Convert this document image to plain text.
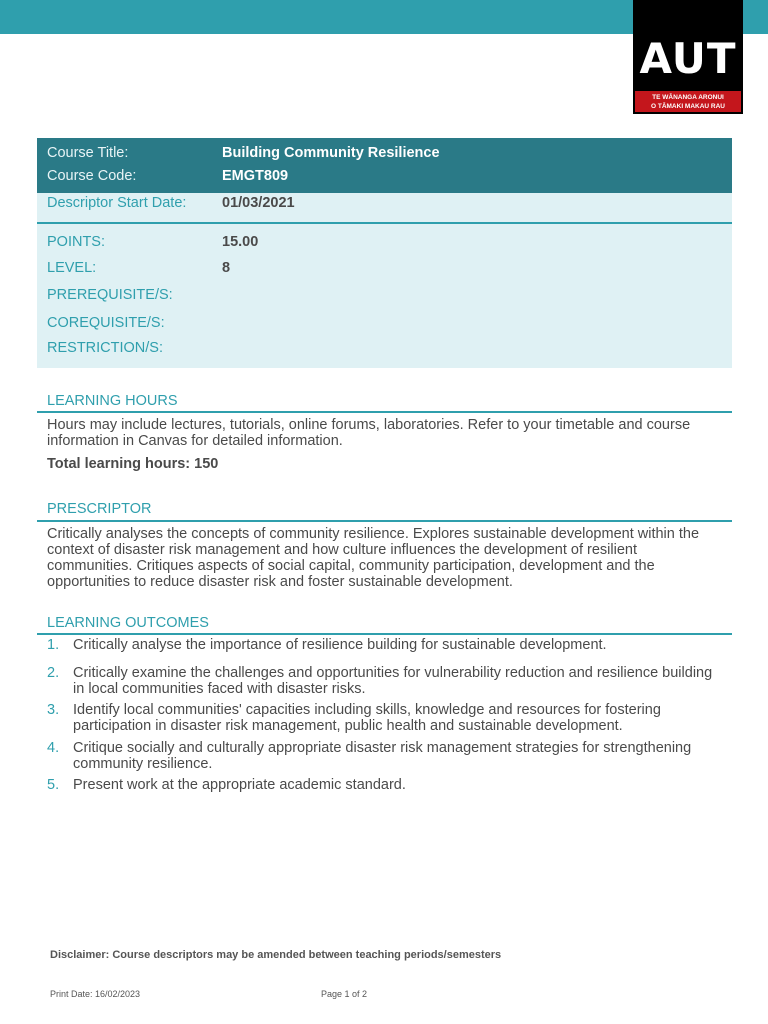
AUT
TE WĀNANGA ARONUI
O TĀMAKI MAKAU RAU
Course Title:	Building Community Resilience
Course Code:	EMGT809
Descriptor Start Date: 01/03/2021
POINTS:	15.00
LEVEL:	8
PREREQUISITE/S:
COREQUISITE/S:
RESTRICTION/S:
LEARNING HOURS
Hours may include lectures, tutorials, online forums, laboratories. Refer to your timetable and course information in Canvas for detailed information.
Total learning hours: 150
PRESCRIPTOR
Critically analyses the concepts of community resilience. Explores sustainable development within the context of disaster risk management and how culture influences the development of resilient communities. Critiques aspects of social capital, community participation, development and the opportunities to reduce disaster risk and foster sustainable development.
LEARNING OUTCOMES
1. Critically analyse the importance of resilience building for sustainable development.
2. Critically examine the challenges and opportunities for vulnerability reduction and resilience building in local communities faced with disaster risks.
3. Identify local communities' capacities including skills, knowledge and resources for fostering participation in disaster risk management, public health and sustainable development.
4. Critique socially and culturally appropriate disaster risk management strategies for strengthening community resilience.
5. Present work at the appropriate academic standard.
Disclaimer: Course descriptors may be amended between teaching periods/semesters
Print Date: 16/02/2023	Page 1 of 2
